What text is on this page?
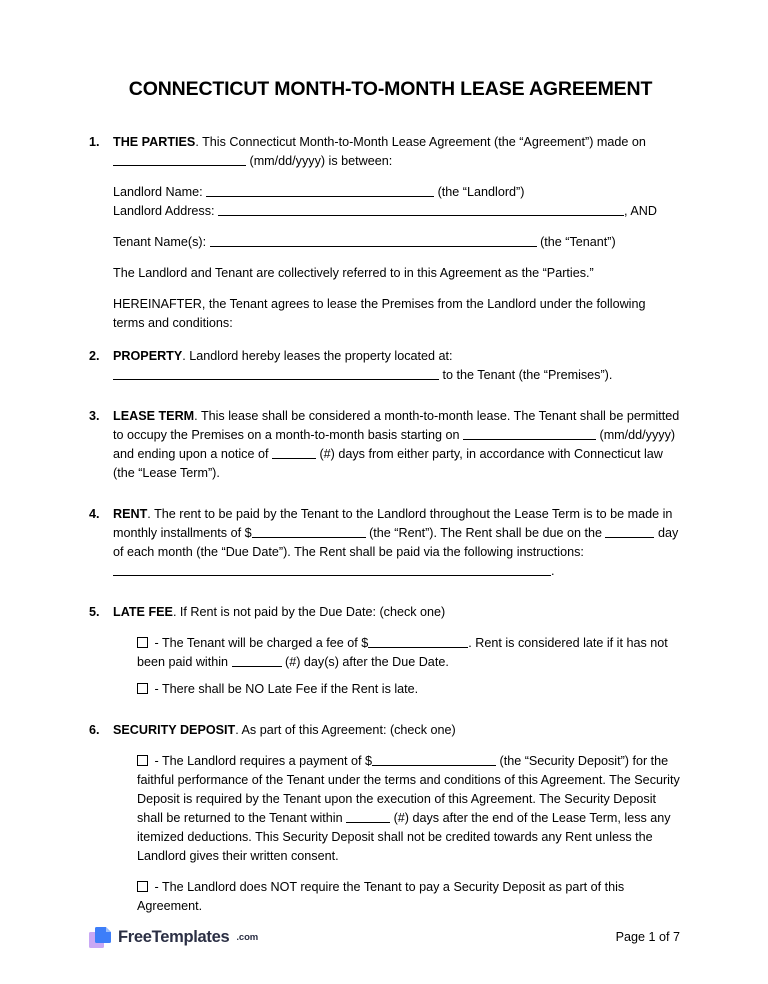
CONNECTICUT MONTH-TO-MONTH LEASE AGREEMENT
1.	THE PARTIES. This Connecticut Month-to-Month Lease Agreement (the “Agreement”) made on  (mm/dd/yyyy) is between:
Landlord Name:	(the “Landlord”)
Landlord Address:	, AND
Tenant Name(s):	(the “Tenant”)
The Landlord and Tenant are collectively referred to in this Agreement as the “Parties.”
HEREINAFTER, the Tenant agrees to lease the Premises from the Landlord under the following terms and conditions:
2.	PROPERTY. Landlord hereby leases the property located at:
to the Tenant (the “Premises”).
3.	LEASE TERM. This lease shall be considered a month-to-month lease. The Tenant shall be permitted to occupy the Premises on a month-to-month basis starting on	(mm/dd/yyyy) and ending upon a notice of	(#) days from either party, in accordance with Connecticut law (the “Lease Term”).
4.	RENT. The rent to be paid by the Tenant to the Landlord throughout the Lease Term is to be made in monthly installments of $	(the “Rent”). The Rent shall be due on the	day of each month (the “Due Date”). The Rent shall be paid via the following instructions: .
5.	LATE FEE. If Rent is not paid by the Due Date: (check one)
- The Tenant will be charged a fee of $	. Rent is considered late if it has not been paid within	(#) day(s) after the Due Date.
- There shall be NO Late Fee if the Rent is late.
6.	SECURITY DEPOSIT. As part of this Agreement: (check one)
- The Landlord requires a payment of $	(the “Security Deposit”) for the faithful performance of the Tenant under the terms and conditions of this Agreement. The Security Deposit is required by the Tenant upon the execution of this Agreement. The Security Deposit shall be returned to the Tenant within	(#) days after the end of the Lease Term, less any itemized deductions. This Security Deposit shall not be credited towards any Rent unless the Landlord gives their written consent.
- The Landlord does NOT require the Tenant to pay a Security Deposit as part of this Agreement.
FreeTemplates .com	Page 1 of 7
